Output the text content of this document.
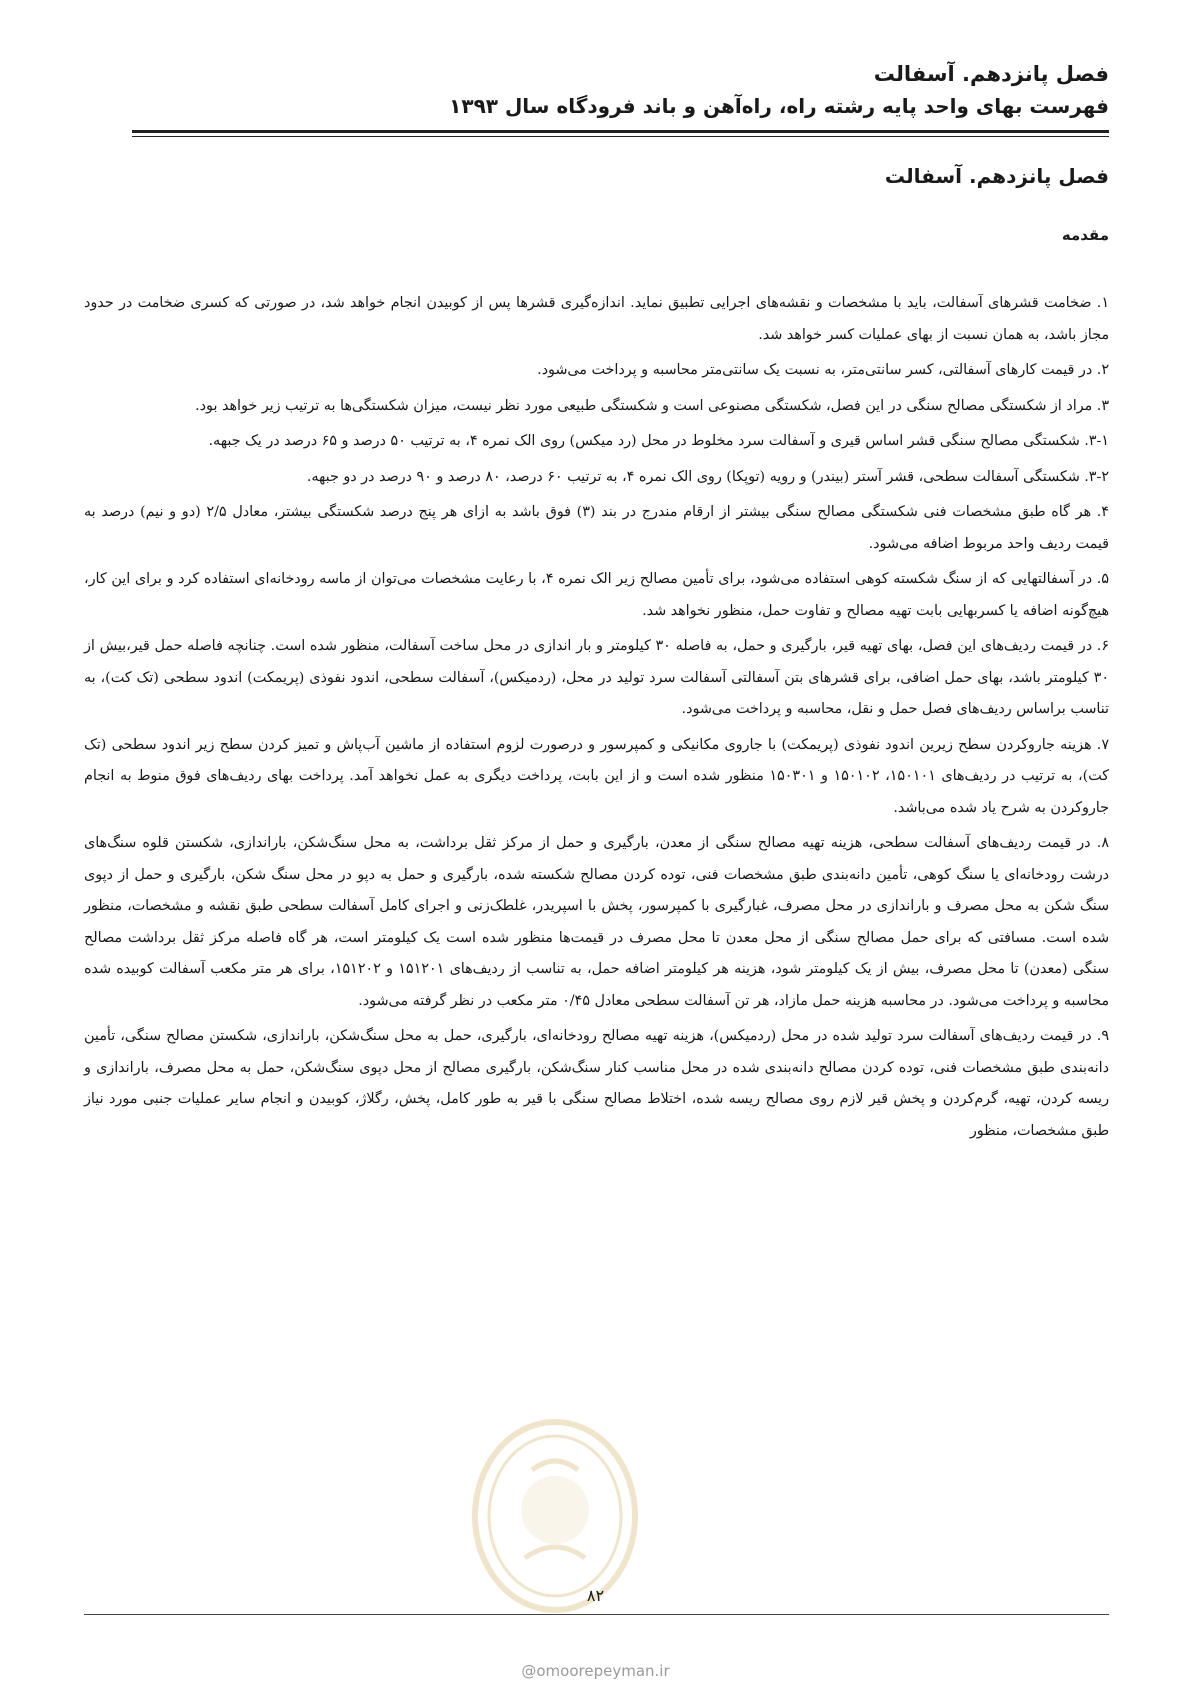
فصل پانزدهم. آسفالت
فهرست بهای واحد پایه رشته راه، راه‌آهن و باند فرودگاه سال ۱۳۹۳
فصل پانزدهم. آسفالت
مقدمه

۱. ضخامت قشرهای آسفالت، باید با مشخصات و نقشه‌های اجرایی تطبیق نماید. اندازه‌گیری قشرها پس از کوبیدن انجام خواهد شد، در صورتی که کسری ضخامت در حدود مجاز باشد، به همان نسبت از بهای عملیات کسر خواهد شد.

۲. در قیمت کارهای آسفالتی، کسر سانتی‌متر، به نسبت یک سانتی‌متر محاسبه و پرداخت می‌شود.

۳. مراد از شکستگی مصالح سنگی در این فصل، شکستگی مصنوعی است و شکستگی طبیعی مورد نظر نیست، میزان شکستگی‌ها به ترتیب زیر خواهد بود.

۳-۱. شکستگی مصالح سنگی قشر اساس قیری و آسفالت سرد مخلوط در محل (رد میکس) روی الک نمره ۴، به ترتیب ۵۰ درصد و ۶۵ درصد در یک جبهه.

۳-۲. شکستگی آسفالت سطحی، قشر آستر (بیندر) و رویه (توپکا) روی الک نمره ۴، به ترتیب ۶۰ درصد، ۸۰ درصد و ۹۰ درصد در دو جبهه.

۴. هر گاه طبق مشخصات فنی شکستگی مصالح سنگی بیشتر از ارقام مندرج در بند (۳) فوق باشد به ازای هر پنج درصد شکستگی بیشتر، معادل ۲/۵ (دو و نیم) درصد به قیمت ردیف واحد مربوط اضافه می‌شود.

۵. در آسفالتهایی که از سنگ شکسته کوهی استفاده می‌شود، برای تأمین مصالح زیر الک نمره ۴، با رعایت مشخصات می‌توان از ماسه رودخانه‌ای استفاده کرد و برای این کار، هیچ‌گونه اضافه یا کسربهایی بابت تهیه مصالح و تفاوت حمل، منظور نخواهد شد.

۶. در قیمت ردیف‌های این فصل، بهای تهیه قیر، بارگیری و حمل، به فاصله ۳۰ کیلومتر و بار اندازی در محل ساخت آسفالت، منظور شده است. چنانچه فاصله حمل قیر،بیش از ۳۰ کیلومتر باشد، بهای حمل اضافی، برای قشرهای بتن آسفالتی آسفالت سرد تولید در محل، (ردمیکس)، آسفالت سطحی، اندود نفوذی (پریمکت) اندود سطحی (تک کت)، به تناسب براساس ردیف‌های فصل حمل و نقل، محاسبه و پرداخت می‌شود.

۷. هزینه جاروکردن سطح زیرین اندود نفوذی (پریمکت) با جاروی مکانیکی و کمپرسور و درصورت لزوم استفاده از ماشین آب‌پاش و تمیز کردن سطح زیر اندود سطحی (تک کت)، به ترتیب در ردیف‌های ۱۵۰۱۰۱، ۱۵۰۱۰۲ و ۱۵۰۳۰۱ منظور شده است و از این بابت، پرداخت دیگری به عمل نخواهد آمد. پرداخت بهای ردیف‌های فوق منوط به انجام جاروکردن به شرح یاد شده می‌باشد.

۸. در قیمت ردیف‌های آسفالت سطحی، هزینه تهیه مصالح سنگی از معدن، بارگیری و حمل از مرکز ثقل برداشت، به محل سنگ‌شکن، باراندازی، شکستن قلوه سنگ‌های درشت رودخانه‌ای یا سنگ کوهی، تأمین دانه‌بندی طبق مشخصات فنی، توده کردن مصالح شکسته شده، بارگیری و حمل به دپو در محل سنگ شکن، بارگیری و حمل از دپوی سنگ شکن به محل مصرف و باراندازی در محل مصرف، غبارگیری با کمپرسور، پخش با اسپریدر، غلطک‌زنی و اجرای کامل آسفالت سطحی طبق نقشه و مشخصات، منظور شده است. مسافتی که برای حمل مصالح سنگی از محل معدن تا محل مصرف در قیمت‌ها منظور شده است یک کیلومتر است، هر گاه فاصله مرکز ثقل برداشت مصالح سنگی (معدن) تا محل مصرف، بیش از یک کیلومتر شود، هزینه هر کیلومتر اضافه حمل، به تناسب از ردیف‌های ۱۵۱۲۰۱ و ۱۵۱۲۰۲، برای هر متر مکعب آسفالت کوبیده شده محاسبه و پرداخت می‌شود. در محاسبه هزینه حمل مازاد، هر تن آسفالت سطحی معادل ۰/۴۵ متر مکعب در نظر گرفته می‌شود.

۹. در قیمت ردیف‌های آسفالت سرد تولید شده در محل (ردمیکس)، هزینه تهیه مصالح رودخانه‌ای، بارگیری، حمل به محل سنگ‌شکن، باراندازی، شکستن مصالح سنگی، تأمین دانه‌بندی طبق مشخصات فنی، توده کردن مصالح دانه‌بندی شده در محل مناسب کنار سنگ‌شکن، بارگیری مصالح از محل دپوی سنگ‌شکن، حمل به محل مصرف، باراندازی و ریسه کردن، تهیه، گرم‌کردن و پخش قیر لازم روی مصالح ریسه شده، اختلاط مصالح سنگی با قیر به طور کامل، پخش، رگلاژ، کوبیدن و انجام سایر عملیات جنبی مورد نیاز طبق مشخصات، منظور

۸۲
@omoorepeyman.ir
